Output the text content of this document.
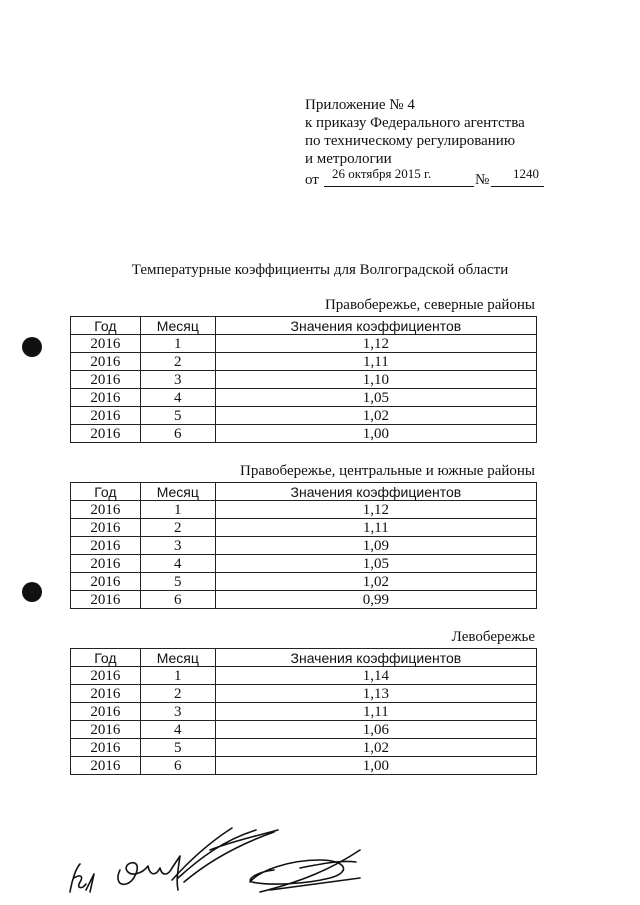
Приложение № 4
к приказу Федерального агентства
по техническому регулированию
и метрологии
от 26 октября 2015 г.	№ 1240
Температурные коэффициенты для Волгоградской области
Правобережье, северные районы
Год	Месяц	Значения коэффициентов
2016	1	1,12
2016	2	1,11
2016	3	1,10
2016	4	1,05
2016	5	1,02
2016	6	1,00
Правобережье, центральные и южные районы
Год	Месяц	Значения коэффициентов
2016	1	1,12
2016	2	1,11
2016	3	1,09
2016	4	1,05
2016	5	1,02
2016	6	0,99
Левобережье
Год	Месяц	Значения коэффициентов
2016	1	1,14
2016	2	1,13
2016	3	1,11
2016	4	1,06
2016	5	1,02
2016	6	1,00
